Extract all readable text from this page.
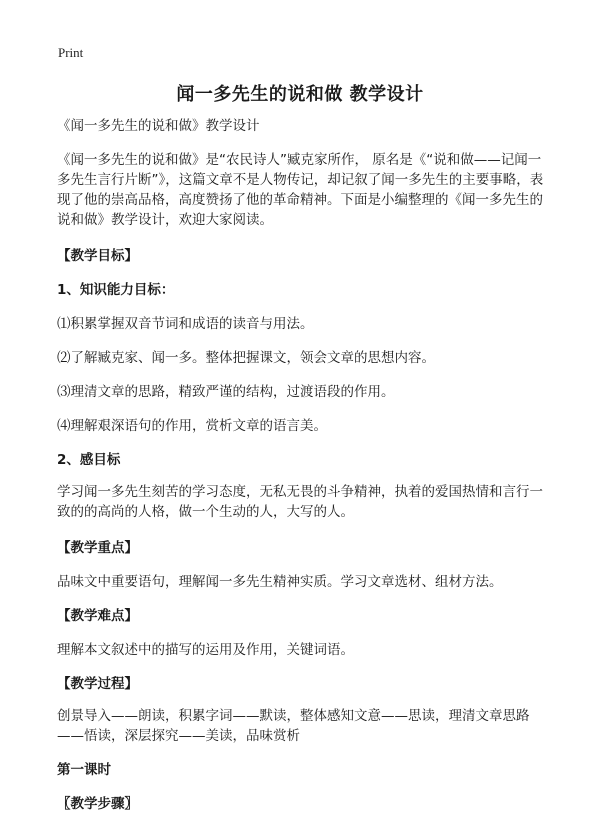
Print
闻一多先生的说和做 教学设计

《闻一多先生的说和做》教学设计

《闻一多先生的说和做》是“农民诗人”臧克家所作， 原名是《“说和做——记闻一多先生言行片断”》，这篇文章不是人物传记，却记叙了闻一多先生的主要事略，表现了他的崇高品格，高度赞扬了他的革命精神。下面是小编整理的《闻一多先生的说和做》教学设计，欢迎大家阅读。

【教学目标】

1、知识能力目标：

⑴积累掌握双音节词和成语的读音与用法。

⑵了解臧克家、闻一多。整体把握课文，领会文章的思想内容。

⑶理清文章的思路，精致严谨的结构，过渡语段的作用。

⑷理解艰深语句的作用，赏析文章的语言美。

2、感目标

学习闻一多先生刻苦的学习态度，无私无畏的斗争精神，执着的爱国热情和言行一致的的高尚的人格，做一个生动的人，大写的人。

【教学重点】

品味文中重要语句，理解闻一多先生精神实质。学习文章选材、组材方法。

【教学难点】

理解本文叙述中的描写的运用及作用，关键词语。

【教学过程】

创景导入——朗读，积累字词——默读，整体感知文意——思读，理清文章思路——悟读，深层探究——美读，品味赏析

第一课时

〖教学步骤〗
